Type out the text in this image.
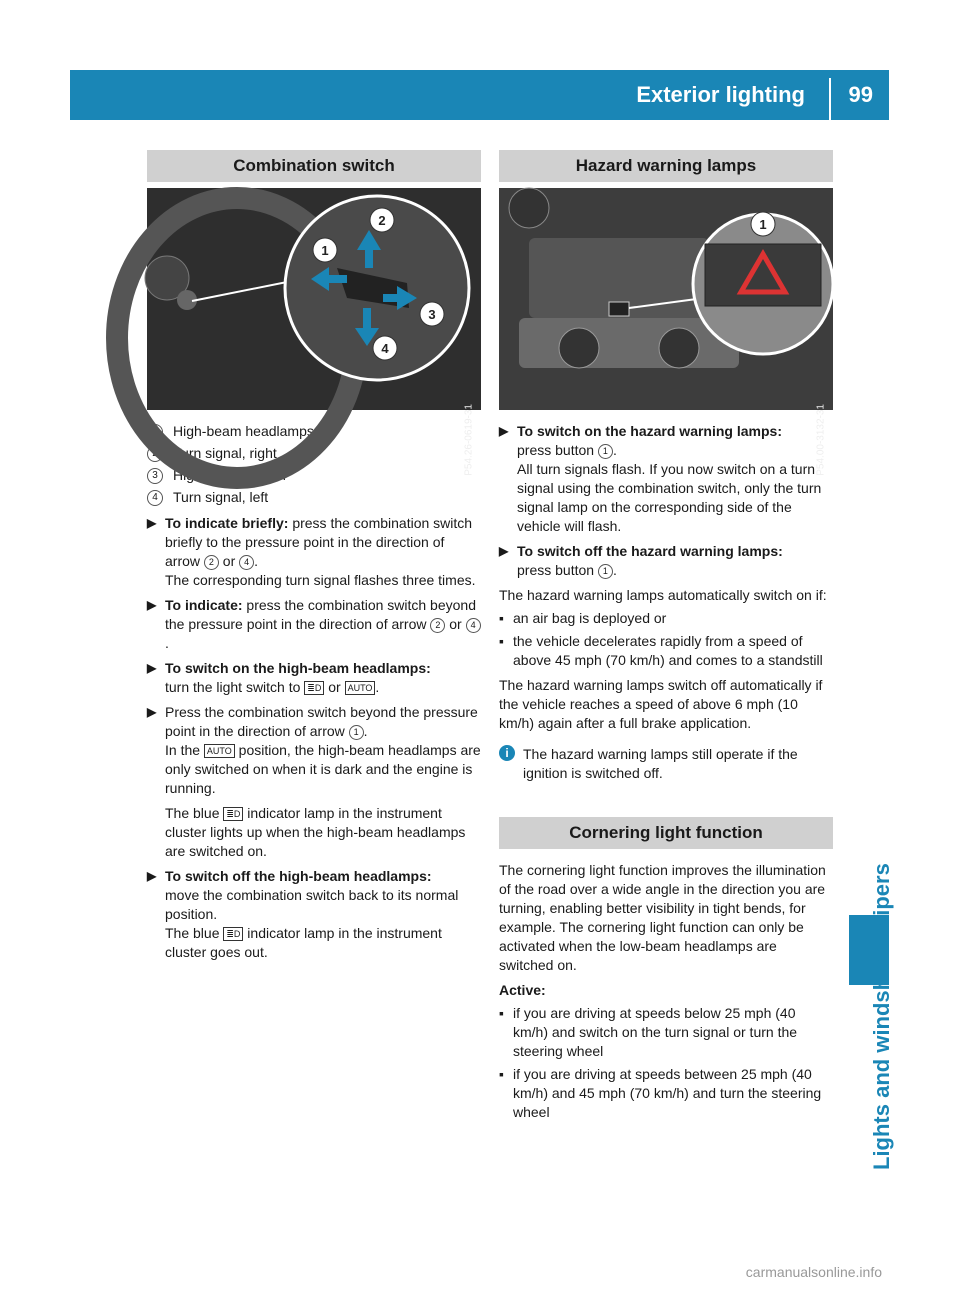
Exterior lighting 99
Lights and windshield wipers
Combination switch
2
1
3
4
P54.26-0619-31
1	High-beam headlamps
2	Turn signal, right
3	High-beam flasher
4	Turn signal, left
▶ To indicate briefly: press the combination switch briefly to the pressure point in the direction of arrow 2 or 4 .
The corresponding turn signal flashes three times.
▶ To indicate: press the combination switch beyond the pressure point in the direction of arrow 2 or 4.
▶ To switch on the high-beam headlamps:
turn the light switch to ≣D or AUTO .
▶ Press the combination switch beyond the pressure point in the direction of arrow 1 .
In the AUTO position, the high-beam headlamps are only switched on when it is dark and the engine is running.
The blue ≣D indicator lamp in the instrument cluster lights up when the high-beam headlamps are switched on.
▶ To switch off the high-beam headlamps:
move the combination switch back to its normal position.
The blue ≣D indicator lamp in the instrument cluster goes out.
Hazard warning lamps
1
P54.00-3132-31
▶ To switch on the hazard warning lamps:
press button 1 .
All turn signals flash. If you now switch on a turn signal using the combination switch, only the turn signal lamp on the corresponding side of the vehicle will flash.
▶ To switch off the hazard warning lamps:
press button 1 .
The hazard warning lamps automatically switch on if:
▪ an air bag is deployed or
▪ the vehicle decelerates rapidly from a speed of above 45 mph (70 km/h) and comes to a standstill
The hazard warning lamps switch off automatically if the vehicle reaches a speed of above 6 mph (10 km/h) again after a full brake application.
i	The hazard warning lamps still operate if the ignition is switched off.
Cornering light function
The cornering light function improves the illumination of the road over a wide angle in the direction you are turning, enabling better visibility in tight bends, for example. The cornering light function can only be activated when the low-beam headlamps are switched on.
Active:
▪ if you are driving at speeds below 25 mph (40 km/h) and switch on the turn signal or turn the steering wheel
▪ if you are driving at speeds between 25 mph (40 km/h) and 45 mph (70 km/h) and turn the steering wheel
carmanualsonline.info
